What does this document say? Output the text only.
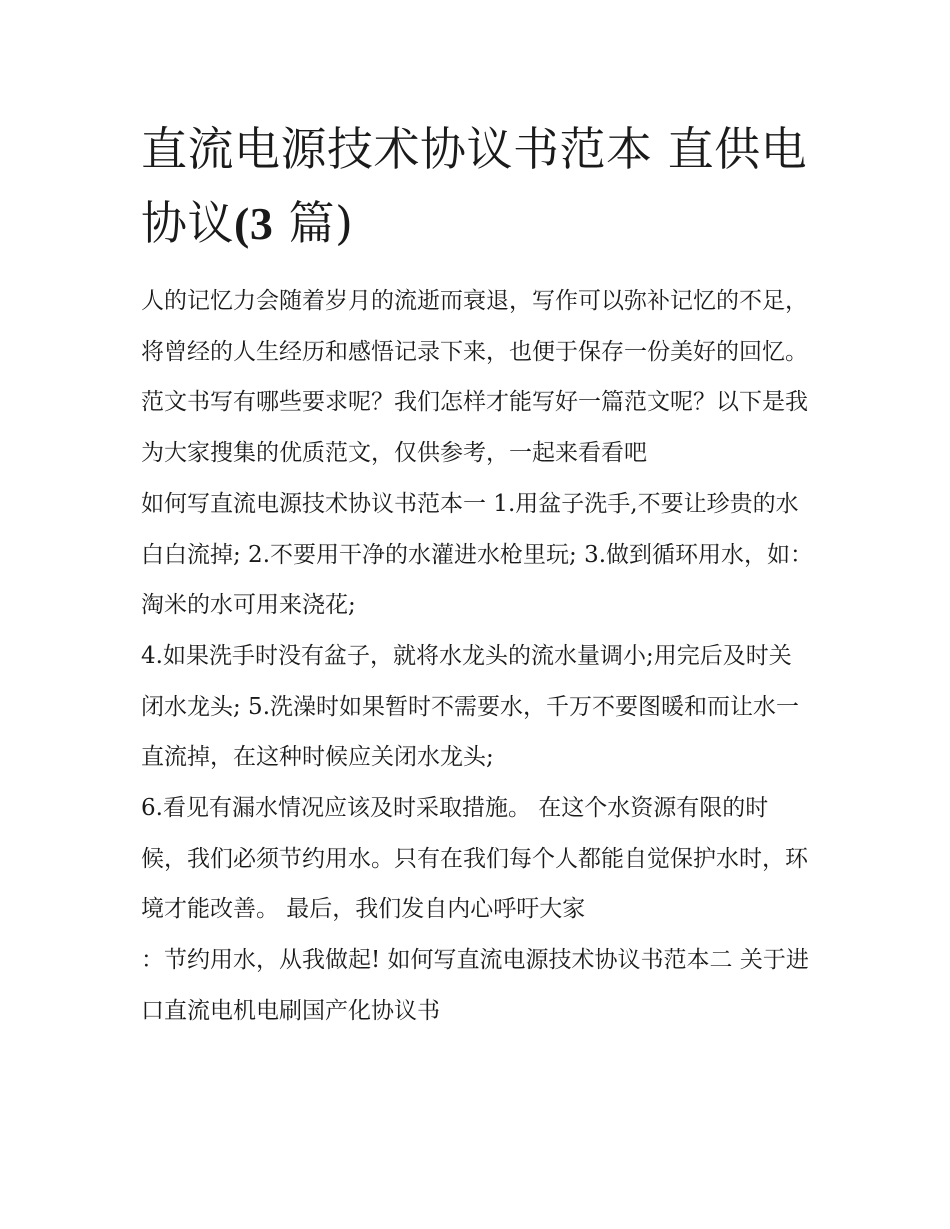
直流电源技术协议书范本 直供电协议(3 篇)

人的记忆力会随着岁月的流逝而衰退，写作可以弥补记忆的不足，将曾经的人生经历和感悟记录下来，也便于保存一份美好的回忆。范文书写有哪些要求呢？我们怎样才能写好一篇范文呢？以下是我为大家搜集的优质范文，仅供参考，一起来看看吧

如何写直流电源技术协议书范本一 1.用盆子洗手,不要让珍贵的水白白流掉; 2.不要用干净的水灌进水枪里玩; 3.做到循环用水，如：淘米的水可用来浇花;

4.如果洗手时没有盆子，就将水龙头的流水量调小;用完后及时关闭水龙头; 5.洗澡时如果暂时不需要水，千万不要图暖和而让水一直流掉，在这种时候应关闭水龙头;

6.看见有漏水情况应该及时采取措施。 在这个水资源有限的时候，我们必须节约用水。只有在我们每个人都能自觉保护水时，环境才能改善。 最后，我们发自内心呼吁大家

：节约用水，从我做起! 如何写直流电源技术协议书范本二 关于进口直流电机电刷国产化协议书
